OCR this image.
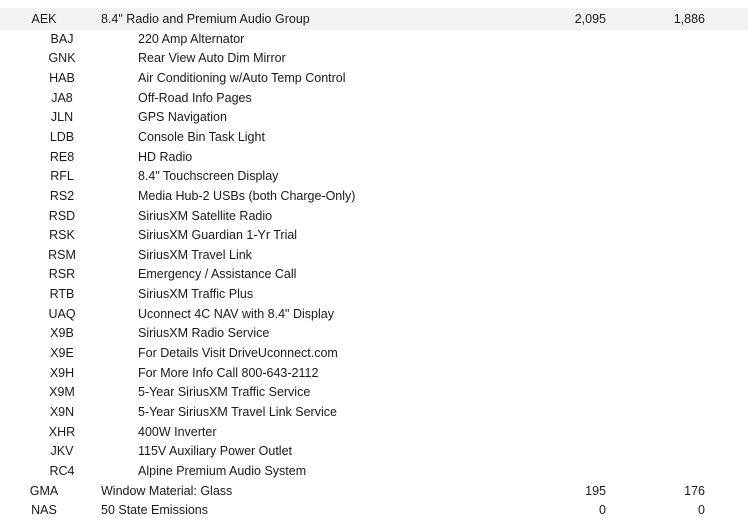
AEK	8.4" Radio and Premium Audio Group	2,095	1,886
BAJ	220 Amp Alternator
GNK	Rear View Auto Dim Mirror
HAB	Air Conditioning w/Auto Temp Control
JA8	Off-Road Info Pages
JLN	GPS Navigation
LDB	Console Bin Task Light
RE8	HD Radio
RFL	8.4" Touchscreen Display
RS2	Media Hub-2 USBs (both Charge-Only)
RSD	SiriusXM Satellite Radio
RSK	SiriusXM Guardian 1-Yr Trial
RSM	SiriusXM Travel Link
RSR	Emergency / Assistance Call
RTB	SiriusXM Traffic Plus
UAQ	Uconnect 4C NAV with 8.4" Display
X9B	SiriusXM Radio Service
X9E	For Details Visit DriveUconnect.com
X9H	For More Info Call 800-643-2112
X9M	5-Year SiriusXM Traffic Service
X9N	5-Year SiriusXM Travel Link Service
XHR	400W Inverter
JKV	115V Auxiliary Power Outlet
RC4	Alpine Premium Audio System
GMA	Window Material: Glass	195	176
NAS	50 State Emissions	0	0
